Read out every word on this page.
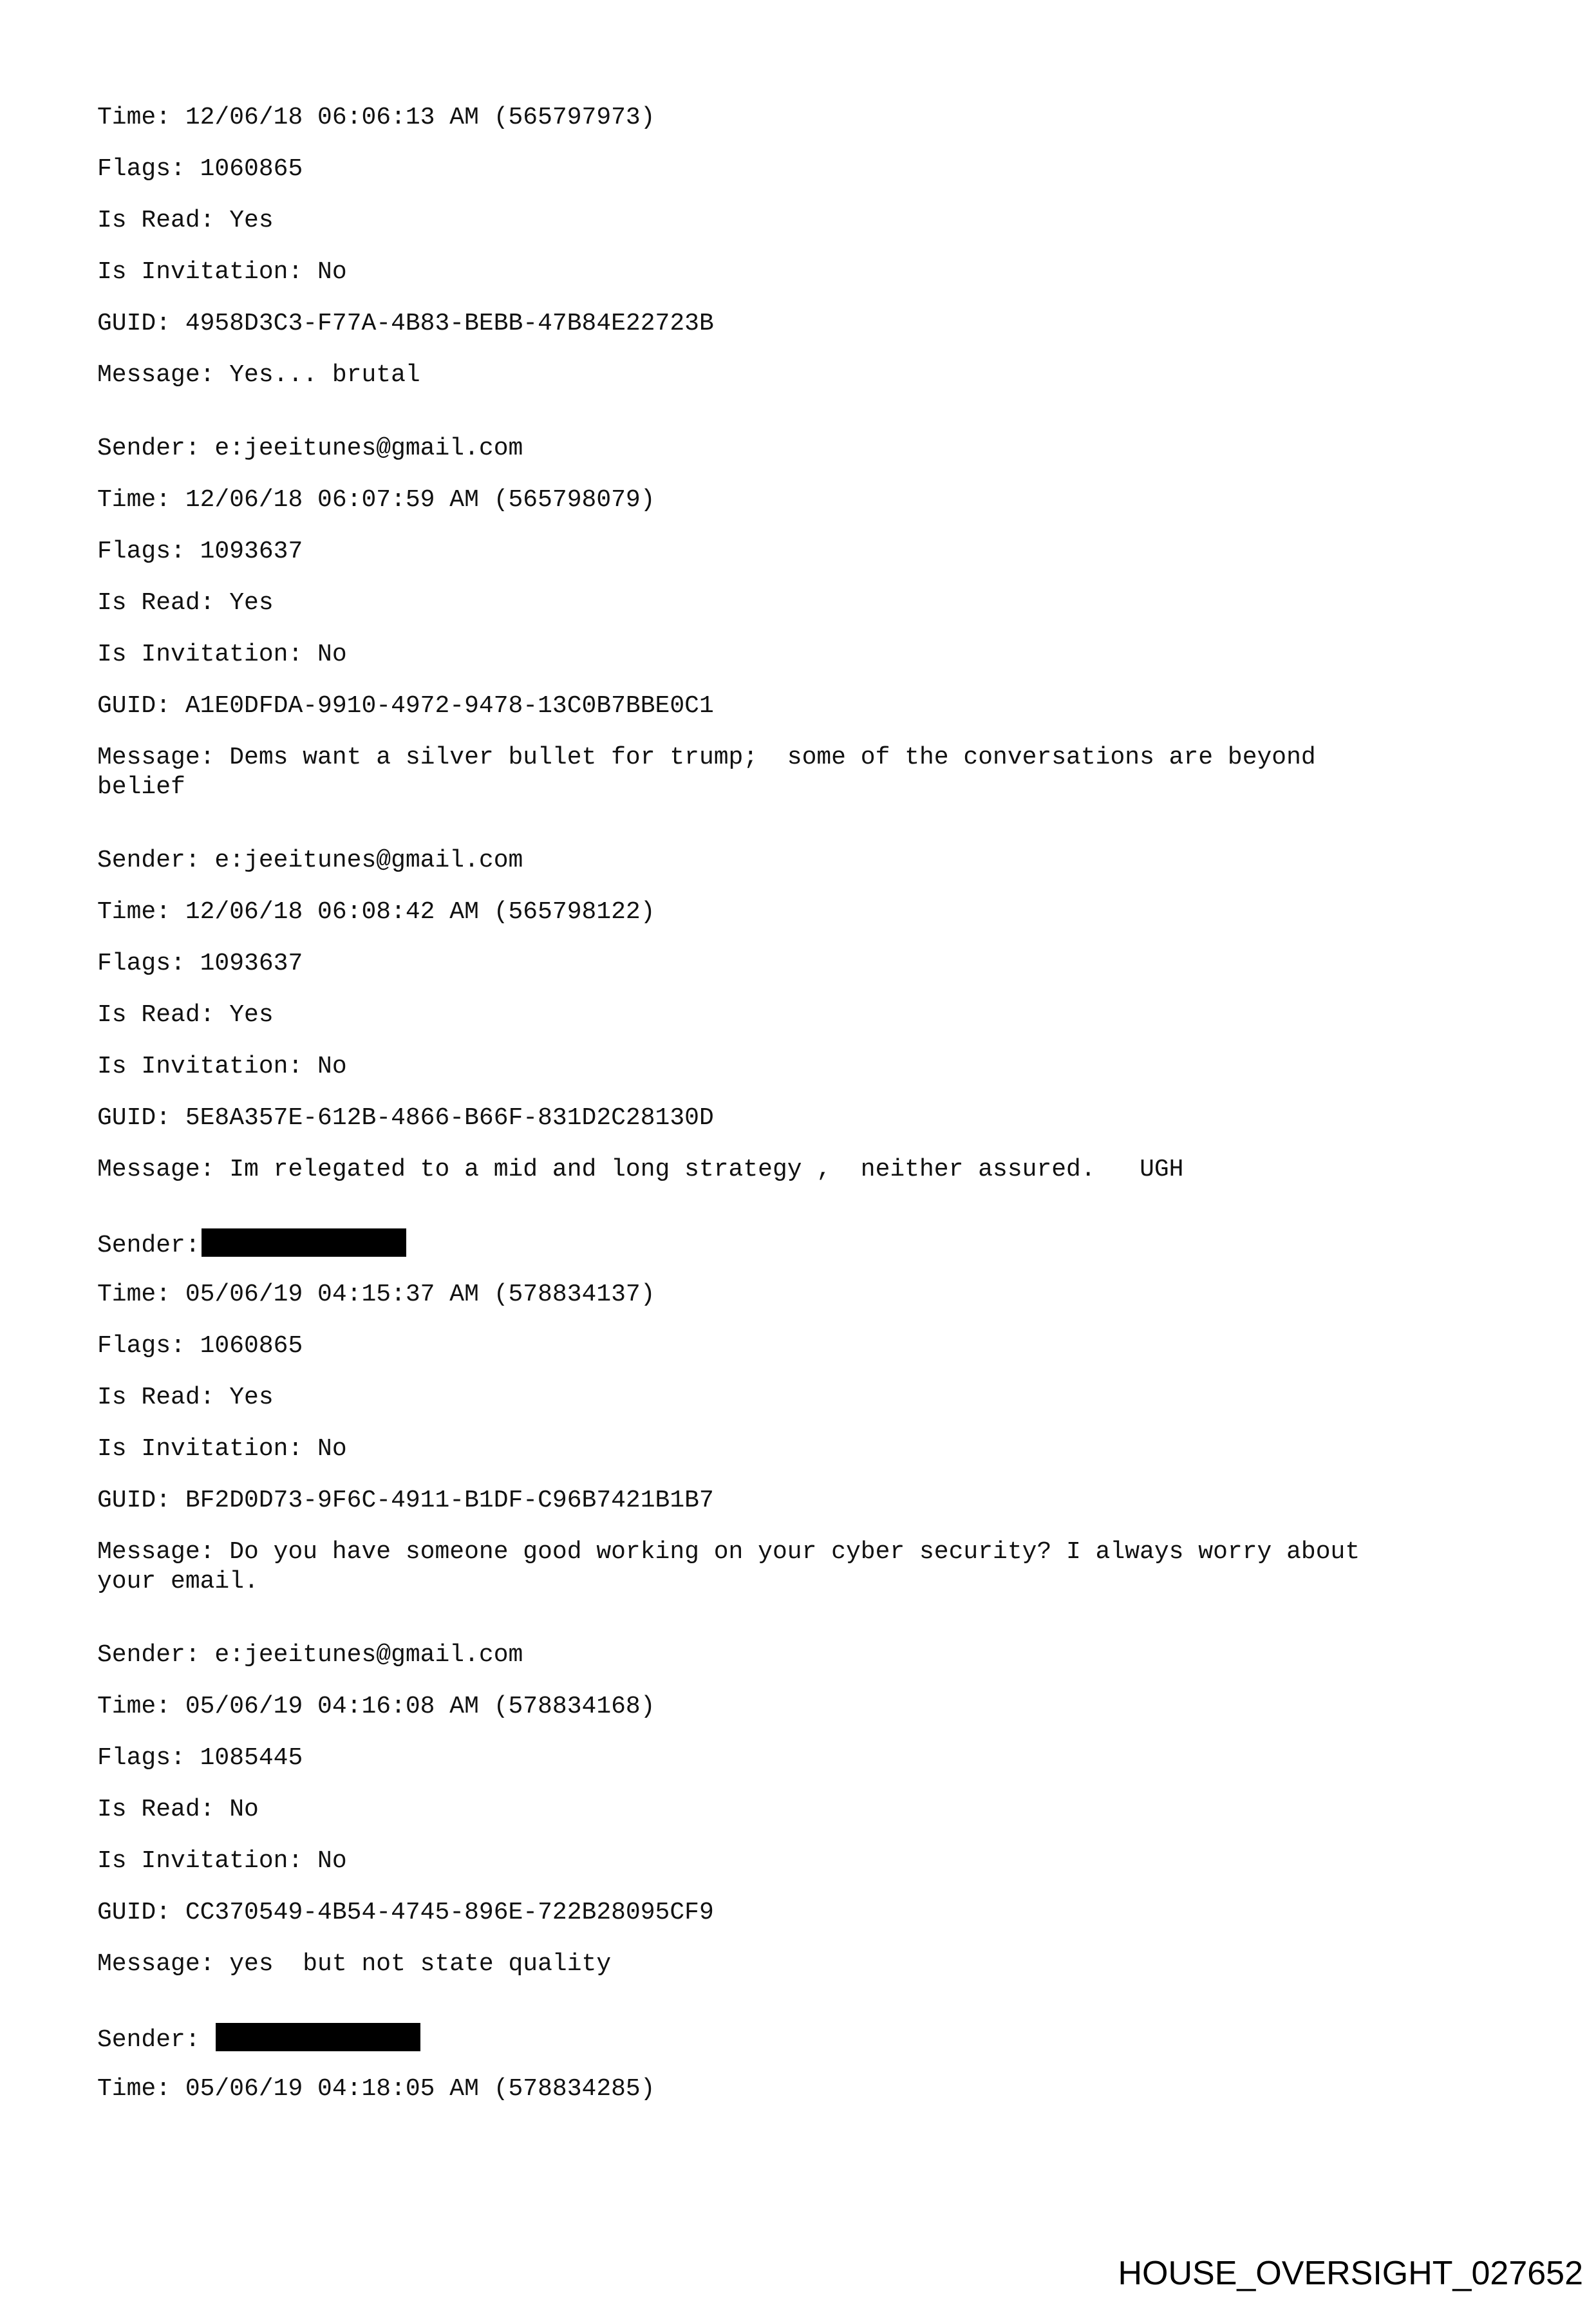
Time: 12/06/18 06:06:13 AM (565797973)
Flags: 1060865
Is Read: Yes
Is Invitation: No
GUID: 4958D3C3-F77A-4B83-BEBB-47B84E22723B
Message: Yes... brutal
Sender: e:jeeitunes@gmail.com
Time: 12/06/18 06:07:59 AM (565798079)
Flags: 1093637
Is Read: Yes
Is Invitation: No
GUID: A1E0DFDA-9910-4972-9478-13C0B7BBE0C1
Message: Dems want a silver bullet for trump;  some of the conversations are beyond
belief
Sender: e:jeeitunes@gmail.com
Time: 12/06/18 06:08:42 AM (565798122)
Flags: 1093637
Is Read: Yes
Is Invitation: No
GUID: 5E8A357E-612B-4866-B66F-831D2C28130D
Message: Im relegated to a mid and long strategy ,  neither assured.   UGH
Sender:
Time: 05/06/19 04:15:37 AM (578834137)
Flags: 1060865
Is Read: Yes
Is Invitation: No
GUID: BF2D0D73-9F6C-4911-B1DF-C96B7421B1B7
Message: Do you have someone good working on your cyber security? I always worry about
your email.
Sender: e:jeeitunes@gmail.com
Time: 05/06/19 04:16:08 AM (578834168)
Flags: 1085445
Is Read: No
Is Invitation: No
GUID: CC370549-4B54-4745-896E-722B28095CF9
Message: yes  but not state quality
Sender:
Time: 05/06/19 04:18:05 AM (578834285)
HOUSE_OVERSIGHT_027652
